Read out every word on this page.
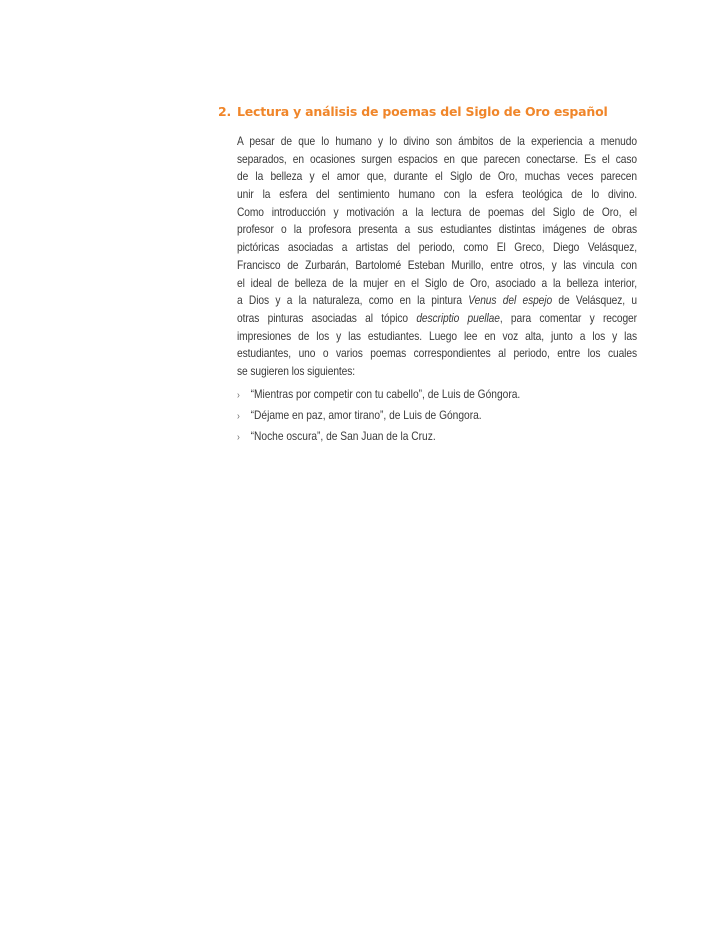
2. Lectura y análisis de poemas del Siglo de Oro español
A pesar de que lo humano y lo divino son ámbitos de la experiencia a menudo
separados, en ocasiones surgen espacios en que parecen conectarse. Es el caso
de la belleza y el amor que, durante el Siglo de Oro, muchas veces parecen
unir la esfera del sentimiento humano con la esfera teológica de lo divino.
Como introducción y motivación a la lectura de poemas del Siglo de Oro, el
profesor o la profesora presenta a sus estudiantes distintas imágenes de obras
pictóricas asociadas a artistas del periodo, como El Greco, Diego Velásquez,
Francisco de Zurbarán, Bartolomé Esteban Murillo, entre otros, y las vincula con
el ideal de belleza de la mujer en el Siglo de Oro, asociado a la belleza interior,
a Dios y a la naturaleza, como en la pintura Venus del espejo de Velásquez, u
otras pinturas asociadas al tópico descriptio puellae, para comentar y recoger
impresiones de los y las estudiantes. Luego lee en voz alta, junto a los y las
estudiantes, uno o varios poemas correspondientes al periodo, entre los cuales
se sugieren los siguientes:
› “Mientras por competir con tu cabello”, de Luis de Góngora.
› “Déjame en paz, amor tirano”, de Luis de Góngora.
› “Noche oscura”, de San Juan de la Cruz.
